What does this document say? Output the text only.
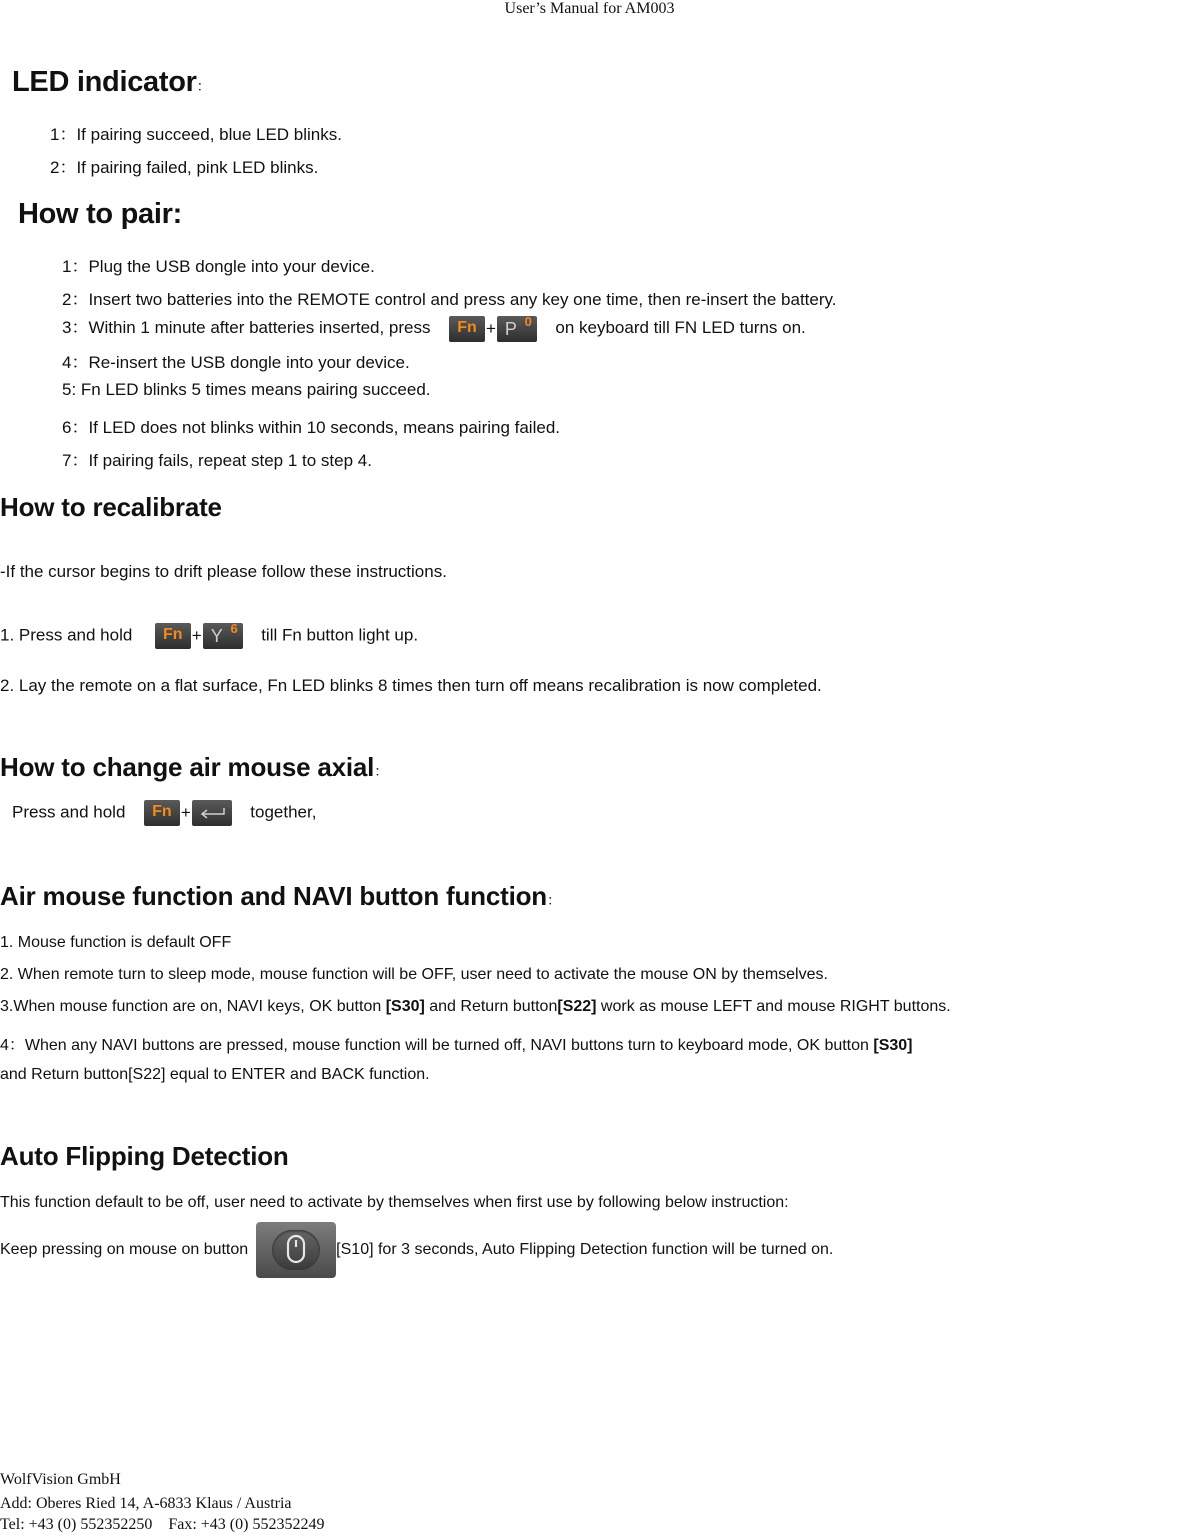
User’s Manual for AM003
LED indicator：
1：If pairing succeed, blue LED blinks.
2：If pairing failed, pink LED blinks.
How to pair:
1：Plug the USB dongle into your device.
2：Insert two batteries into the REMOTE control and press any key one time, then re-insert the battery.
3：Within 1 minute after batteries inserted, press Fn + P 0 on keyboard till FN LED turns on.
4：Re-insert the USB dongle into your device.
5: Fn LED blinks 5 times means pairing succeed.
6：If LED does not blinks within 10 seconds, means pairing failed.
7：If pairing fails, repeat step 1 to step 4.
How to recalibrate
-If the cursor begins to drift please follow these instructions.
1. Press and hold Fn + Y 6 till Fn button light up.
2. Lay the remote on a flat surface, Fn LED blinks 8 times then turn off means recalibration is now completed.
How to change air mouse axial：
Press and hold Fn +	together,
Air mouse function and NAVI button function：
1. Mouse function is default OFF
2. When remote turn to sleep mode, mouse function will be OFF, user need to activate the mouse ON by themselves.
3.When mouse function are on, NAVI keys, OK button [S30] and Return button[S22] work as mouse LEFT and mouse RIGHT buttons.
4：When any NAVI buttons are pressed, mouse function will be turned off, NAVI buttons turn to keyboard mode, OK button [S30]
and Return button[S22] equal to ENTER and BACK function.
Auto Flipping Detection
This function default to be off, user need to activate by themselves when first use by following below instruction:
Keep pressing on mouse on button	[S10] for 3 seconds, Auto Flipping Detection function will be turned on.
WolfVision GmbH
Add: Oberes Ried 14, A-6833 Klaus / Austria
Tel: +43 (0) 552352250    Fax: +43 (0) 552352249
